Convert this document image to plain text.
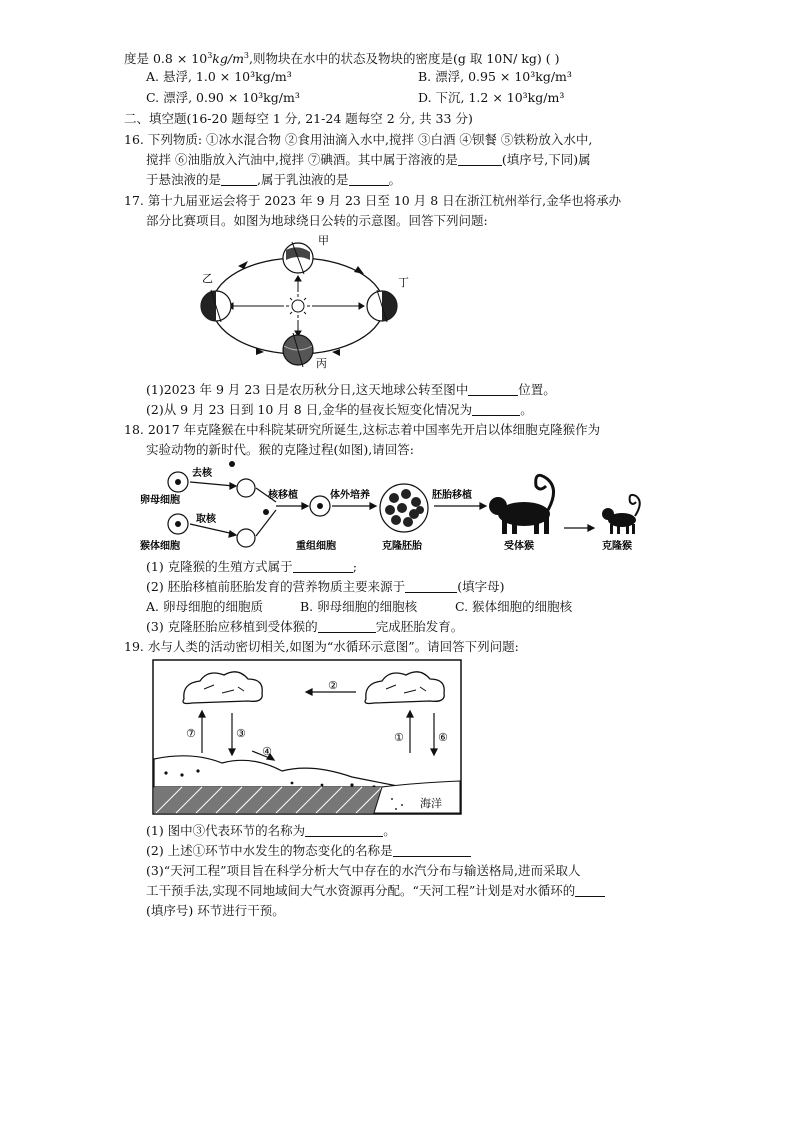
度是 $0.8 \times 10^3kg/m^3$,则物块在水中的状态及物块的密度是(g 取 10N/ kg) ( )
A. 悬浮, 1.0 × 10³kg/m³	B. 漂浮, 0.95 × 10³kg/m³
C. 漂浮, 0.90 × 10³kg/m³	D. 下沉, 1.2 × 10³kg/m³
二、填空题(16-20 题每空 1 分, 21-24 题每空 2 分, 共 33 分)
16. 下列物质: ①冰水混合物 ②食用油滴入水中,搅拌 ③白酒 ④钡餐 ⑤铁粉放入水中,
搅拌 ⑥油脂放入汽油中,搅拌 ⑦碘酒。其中属于溶液的是	(填序号,下同)属
于悬浊液的是	,属于乳浊液的是	。
17. 第十九届亚运会将于 2023 年 9 月 23 日至 10 月 8 日在浙江杭州举行,金华也将承办
部分比赛项目。如图为地球绕日公转的示意图。回答下列问题:
甲
乙
丙
丁
(1)2023 年 9 月 23 日是农历秋分日,这天地球公转至图中	位置。
(2)从 9 月 23 日到 10 月 8 日,金华的昼夜长短变化情况为	。
18. 2017 年克隆猴在中科院某研究所诞生,这标志着中国率先开启以体细胞克隆猴作为
实验动物的新时代。猴的克隆过程(如图),请回答:
去核
卵母细胞
取核
猴体细胞
核移植	体外培养	胚胎移植
重组细胞	克隆胚胎	受体猴	克隆猴
(1) 克隆猴的生殖方式属于	;
(2) 胚胎移植前胚胎发育的营养物质主要来源于	(填字母)
A. 卵母细胞的细胞质	B. 卵母细胞的细胞核	C. 猴体细胞的细胞核
(3) 克隆胚胎应移植到受体猴的	完成胚胎发育。
19. 水与人类的活动密切相关,如图为“水循环示意图”。请回答下列问题:
②
⑦	③	①	⑥
④
海洋
(1) 图中③代表环节的名称为	。
(2) 上述①环节中水发生的物态变化的名称是
(3)“天河工程”项目旨在科学分析大气中存在的水汽分布与输送格局,进而采取人
工干预手法,实现不同地域间大气水资源再分配。“天河工程”计划是对水循环的
(填序号) 环节进行干预。
